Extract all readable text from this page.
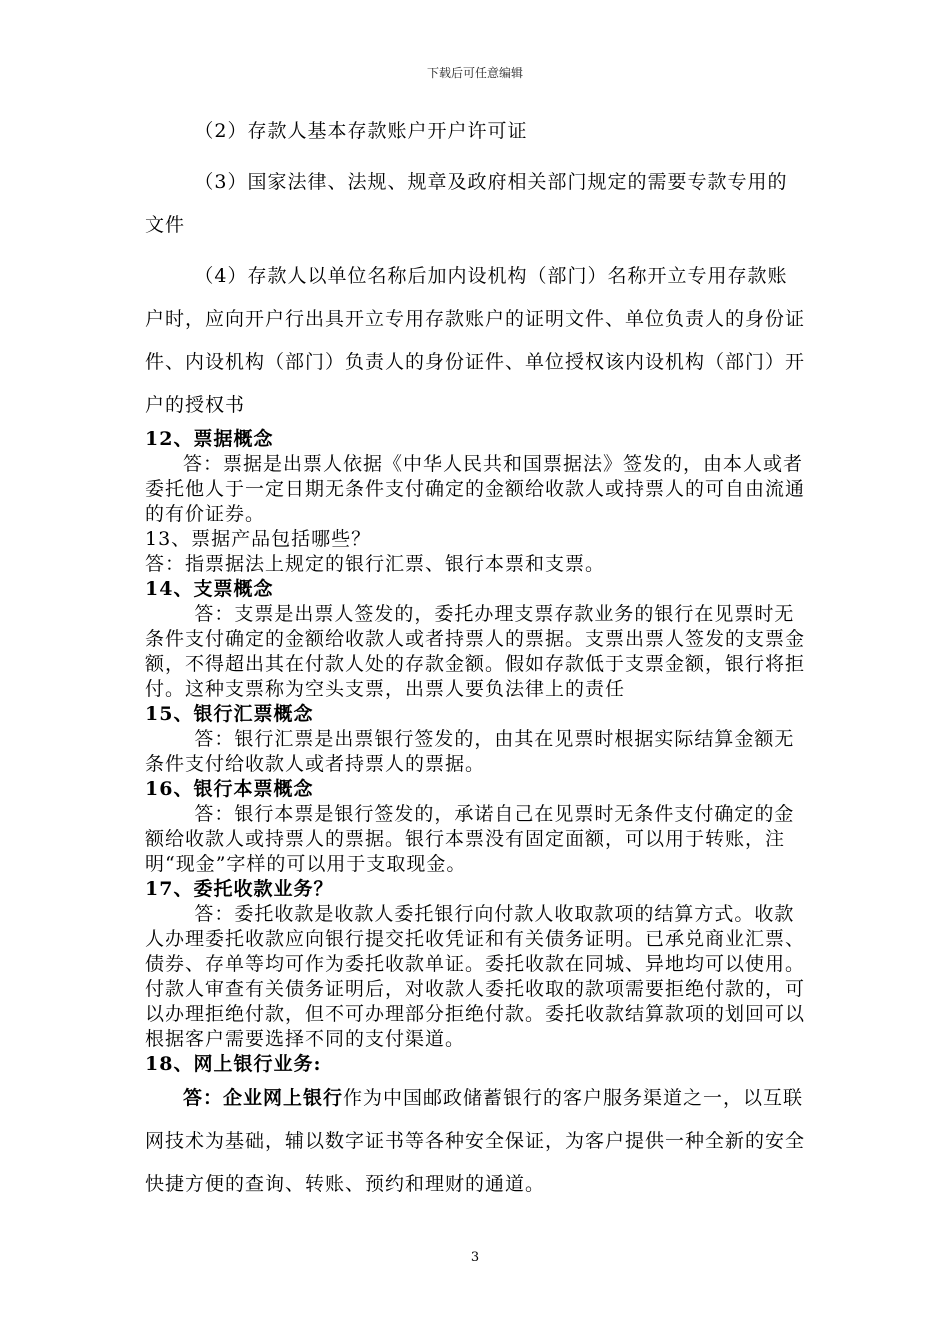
下载后可任意编辑

（2）存款人基本存款账户开户许可证

（3）国家法律、法规、规章及政府相关部门规定的需要专款专用的文件

（4）存款人以单位名称后加内设机构（部门）名称开立专用存款账户时，应向开户行出具开立专用存款账户的证明文件、单位负责人的身份证件、内设机构（部门）负责人的身份证件、单位授权该内设机构（部门）开户的授权书

12、票据概念

答：票据是出票人依据《中华人民共和国票据法》签发的，由本人或者委托他人于一定日期无条件支付确定的金额给收款人或持票人的可自由流通的有价证券。

13、票据产品包括哪些？

答：指票据法上规定的银行汇票、银行本票和支票。

14、支票概念

答：支票是出票人签发的，委托办理支票存款业务的银行在见票时无条件支付确定的金额给收款人或者持票人的票据。支票出票人签发的支票金额，不得超出其在付款人处的存款金额。假如存款低于支票金额，银行将拒付。这种支票称为空头支票，出票人要负法律上的责任

15、银行汇票概念

答：银行汇票是出票银行签发的，由其在见票时根据实际结算金额无条件支付给收款人或者持票人的票据。

16、银行本票概念

答：银行本票是银行签发的，承诺自己在见票时无条件支付确定的金额给收款人或持票人的票据。银行本票没有固定面额，可以用于转账，注明“现金”字样的可以用于支取现金。

17、委托收款业务？

答：委托收款是收款人委托银行向付款人收取款项的结算方式。收款人办理委托收款应向银行提交托收凭证和有关债务证明。已承兑商业汇票、债券、存单等均可作为委托收款单证。委托收款在同城、异地均可以使用。付款人审查有关债务证明后，对收款人委托收取的款项需要拒绝付款的，可以办理拒绝付款，但不可办理部分拒绝付款。委托收款结算款项的划回可以根据客户需要选择不同的支付渠道。

18、网上银行业务:

答：企业网上银行作为中国邮政储蓄银行的客户服务渠道之一，以互联网技术为基础，辅以数字证书等各种安全保证，为客户提供一种全新的安全快捷方便的查询、转账、预约和理财的通道。

3
